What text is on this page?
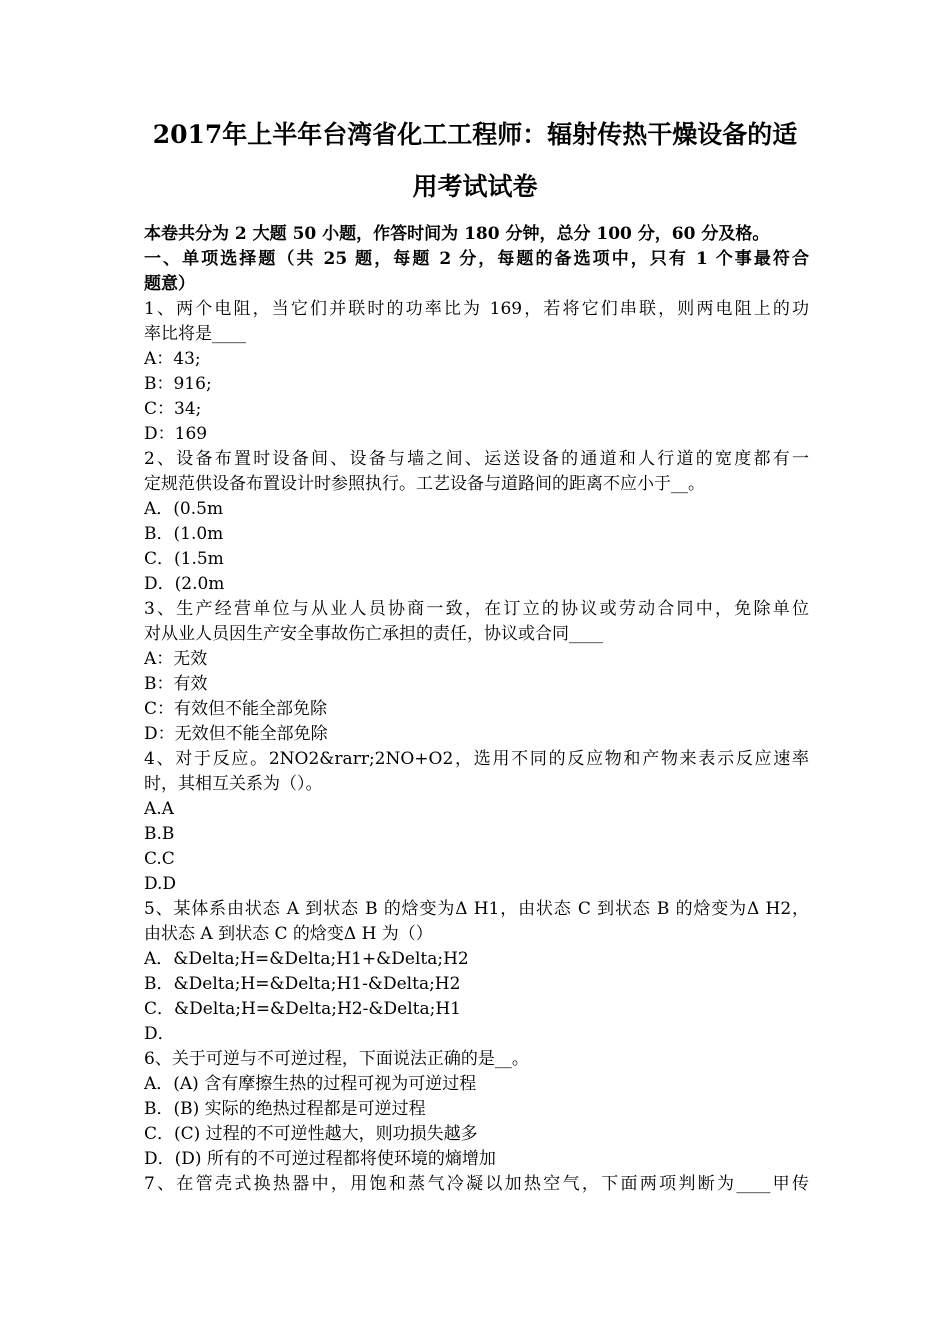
2017年上半年台湾省化工工程师：辐射传热干燥设备的适
用考试试卷
本卷共分为 2 大题 50 小题，作答时间为 180 分钟，总分 100 分，60 分及格。
一、单项选择题（共 25 题，每题 2 分，每题的备选项中，只有 1 个事最符合
题意）
1、两个电阻，当它们并联时的功率比为 169，若将它们串联，则两电阻上的功
率比将是____
A：43;
B：916;
C：34;
D：169
2、设备布置时设备间、设备与墙之间、运送设备的通道和人行道的宽度都有一
定规范供设备布置设计时参照执行。工艺设备与道路间的距离不应小于__。
A．(0.5m
B．(1.0m
C．(1.5m
D．(2.0m
3、生产经营单位与从业人员协商一致，在订立的协议或劳动合同中，免除单位
对从业人员因生产安全事故伤亡承担的责任，协议或合同____
A：无效
B：有效
C：有效但不能全部免除
D：无效但不能全部免除
4、对于反应。2NO2&rarr;2NO+O2，选用不同的反应物和产物来表示反应速率
时，其相互关系为（）。
A.A
B.B
C.C
D.D
5、某体系由状态 A 到状态 B 的焓变为Δ H1，由状态 C 到状态 B 的焓变为Δ H2，
由状态 A 到状态 C 的焓变Δ H 为（）
A．&Delta;H=&Delta;H1+&Delta;H2
B．&Delta;H=&Delta;H1-&Delta;H2
C．&Delta;H=&Delta;H2-&Delta;H1
D．
6、关于可逆与不可逆过程，下面说法正确的是__。
A．(A) 含有摩擦生热的过程可视为可逆过程
B．(B) 实际的绝热过程都是可逆过程
C．(C) 过程的不可逆性越大，则功损失越多
D．(D) 所有的不可逆过程都将使环境的熵增加
7、在管壳式换热器中，用饱和蒸气冷凝以加热空气，下面两项判断为____甲传
